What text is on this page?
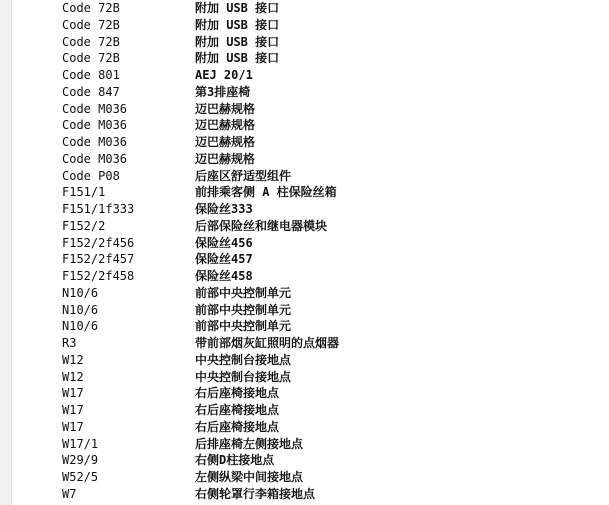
Code 72B	附加 USB 接口
Code 72B	附加 USB 接口
Code 72B	附加 USB 接口
Code 72B	附加 USB 接口
Code 801	AEJ 20/1
Code 847	第3排座椅
Code M036	迈巴赫规格
Code M036	迈巴赫规格
Code M036	迈巴赫规格
Code M036	迈巴赫规格
Code P08	后座区舒适型组件
F151/1	前排乘客侧 A 柱保险丝箱
F151/1f333	保险丝333
F152/2	后部保险丝和继电器模块
F152/2f456	保险丝456
F152/2f457	保险丝457
F152/2f458	保险丝458
N10/6	前部中央控制单元
N10/6	前部中央控制单元
N10/6	前部中央控制单元
R3	带前部烟灰缸照明的点烟器
W12	中央控制台接地点
W12	中央控制台接地点
W17	右后座椅接地点
W17	右后座椅接地点
W17	右后座椅接地点
W17/1	后排座椅左侧接地点
W29/9	右侧D柱接地点
W52/5	左侧纵梁中间接地点
W7	右侧轮罩行李箱接地点
